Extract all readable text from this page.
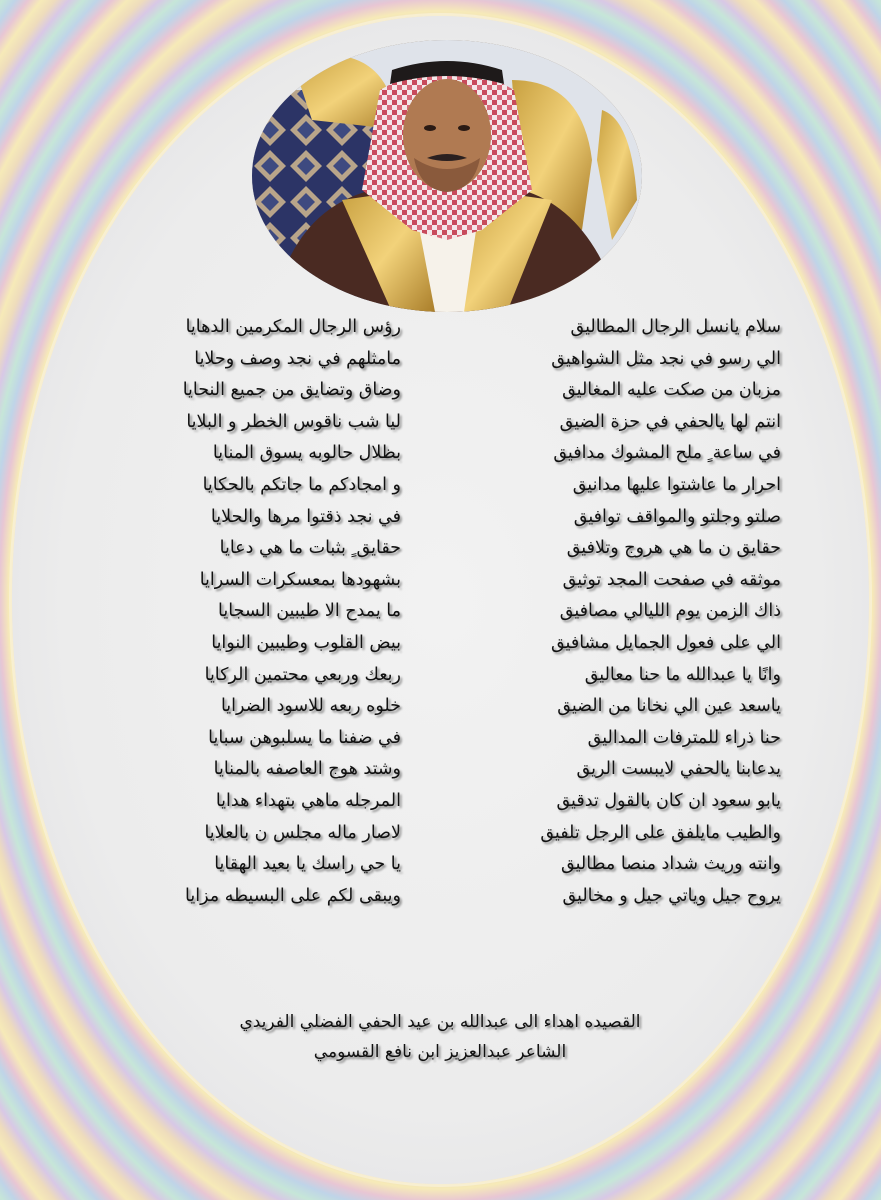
سلام يانسل الرجال المطاليق
الي رسو في نجد مثل الشواهيق
مزبان من صكت عليه المغاليق
انتم لها يالحفي في حزة الضيق
في ساعة ٍ ملح المشوك مدافيق
احرار ما عاشتوا عليها مدانيق
صلتو وجلتو والمواقف توافيق
حقايق ن ما هي هروج وتلافيق
موثقه في صفحت المجد توثيق
ذاك الزمن يوم الليالي مصافيق
الي على فعول الجمايل مشافيق
وانًا يا عبدالله ما حنا معاليق
ياسعد عين الي نخانا من الضيق
حنا ذراء للمترفات المداليق
يدعابنا يالحفي لايبست الريق
يابو سعود ان كان بالقول تدقيق
والطيب مايلفق على الرجل تلفيق
وانته وريث شداد منصا مطاليق
يروح جيل وياتي جيل و مخاليق
رؤس الرجال المكرمين الدهايا
مامثلهم في نجد وصف وحلايا
وضاق وتضايق من جميع النحايا
ليا شب ناقوس الخطر و البلايا
بظلال حالوبه يسوق المنايا
و امجادكم ما جاتكم بالحكايا
في نجد ذقتوا مرها والحلايا
حقايق ٍ بثبات ما هي دعايا
بشهودها بمعسكرات السرايا
ما يمدح الا طيبين السجايا
بيض القلوب وطيبين النوايا
ربعك وربعي محتمين الركايا
خلوه ربعه للاسود الضرايا
في ضفنا ما يسلبوهن سبايا
وشتد هوج العاصفه بالمنايا
المرجله ماهي بتهداء هدايا
لاصار ماله مجلس ن بالعلايا
يا حي راسك يا بعيد الهقايا
ويبقى لكم على البسيطه مزايا
القصيده اهداء الى عبدالله بن عيد الحفي الفضلي الفريدي
الشاعر عبدالعزيز ابن نافع القسومي
